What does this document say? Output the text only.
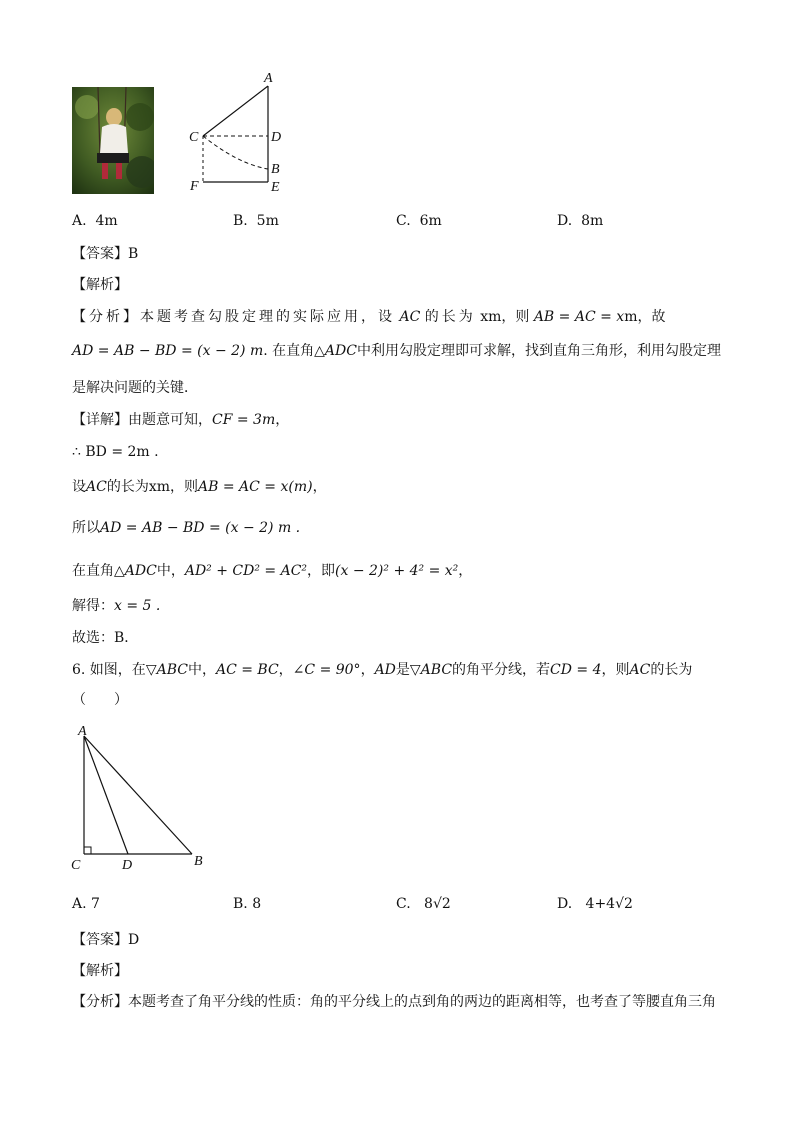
A
C	D
B
F	E
A. 4m	B. 5m	C. 6m	D. 8m
【答案】B
【解析】
【分析】本题考查勾股定理的实际应用，设 AC 的长为 xm，则 AB = AC = xm，故
AD = AB − BD = (x − 2) m. 在直角△ADC中利用勾股定理即可求解，找到直角三角形，利用勾股定理
是解决问题的关键．
【详解】由题意可知，CF = 3m，
∴ BD = 2m .
设AC的长为xm，则AB = AC = x(m)，
所以AD = AB − BD = (x − 2) m .
在直角△ADC中，AD² + CD² = AC²，即(x − 2)² + 4² = x²，
解得：x = 5 .
故选：B．
6. 如图，在▽ABC中，AC = BC，∠C = 90°，AD是▽ABC的角平分线，若CD = 4，则AC的长为
（　　）
A
C	D	B
A. 7	B. 8	C. 8√2	D. 4+4√2
【答案】D
【解析】
【分析】本题考查了角平分线的性质：角的平分线上的点到角的两边的距离相等，也考查了等腰直角三角
